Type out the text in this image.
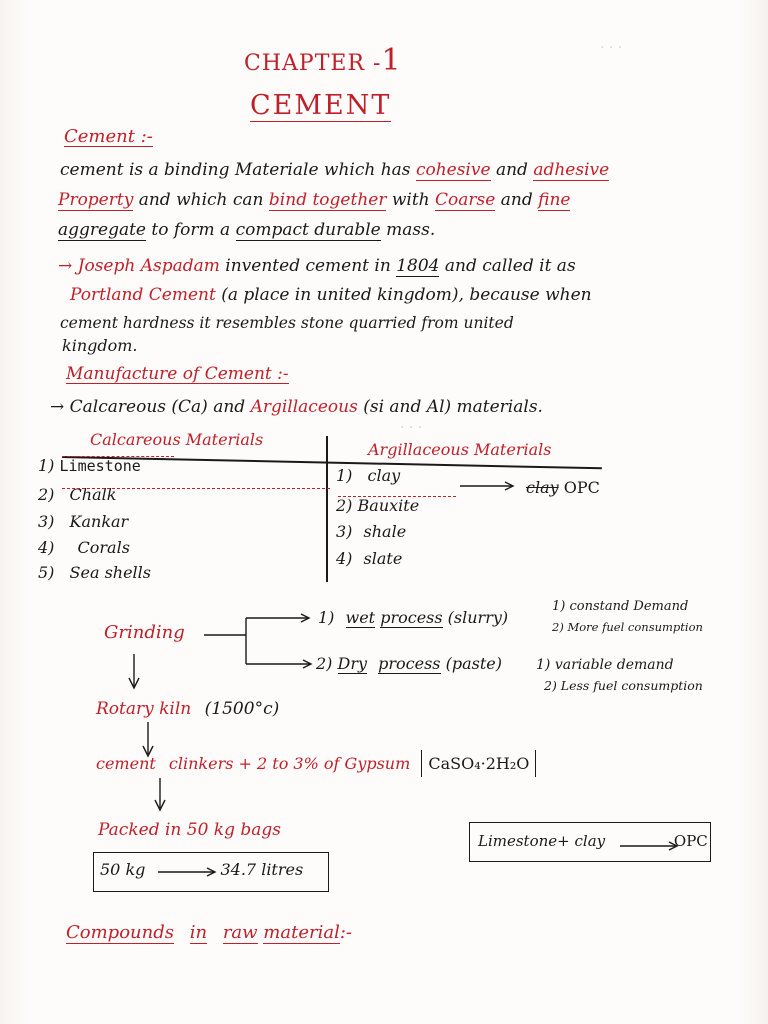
· · ·
· · ·
CHAPTER -1
CEMENT
Cement :-
cement is a binding Materiale which has cohesive and adhesive
Property and which can bind together with Coarse and fine
aggregate to form a compact durable mass.
→ Joseph Aspadam invented cement in 1804 and called it as
Portland Cement (a place in united kingdom), because when
cement hardness it resembles stone quarried from united
kingdom.
Manufacture of Cement :-
→ Calcareous (Ca) and Argillaceous (si and Al) materials.
Calcareous Materials
Argillaceous Materials
1) Limestone
2) Chalk
3) Kankar
4) Corals
5) Sea shells
1) clay
2) Bauxite
3) shale
4) slate
clay OPC
Grinding
1) wet process (slurry)
1) constand Demand
2) More fuel consumption
2) Dry process (paste) 1) variable demand
2) Less fuel consumption
Rotary kiln (1500°c)
cement clinkers + 2 to 3% of Gypsum CaSO₄·2H₂O
Packed in 50 kg bags
Limestone+ clay	OPC
50 kg	34.7 litres
Compounds in raw material:-
